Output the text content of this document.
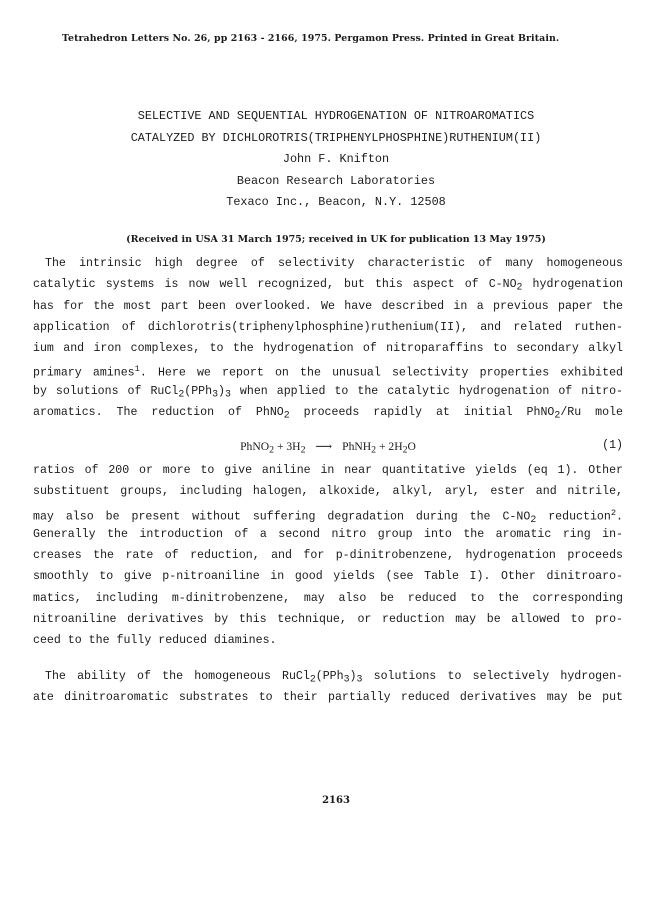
Tetrahedron Letters No. 26, pp 2163 - 2166, 1975. Pergamon Press. Printed in Great Britain.
SELECTIVE AND SEQUENTIAL HYDROGENATION OF NITROAROMATICS
CATALYZED BY DICHLOROTRIS(TRIPHENYLPHOSPHINE)RUTHENIUM(II)
John F. Knifton
Beacon Research Laboratories
Texaco Inc., Beacon, N.Y. 12508
(Received in USA 31 March 1975; received in UK for publication 13 May 1975)
The intrinsic high degree of selectivity characteristic of many homogeneous
catalytic systems is now well recognized, but this aspect of $C-NO_2$ hydrogenation
has for the most part been overlooked. We have described in a previous paper the
application of dichlorotris(triphenylphosphine)ruthenium(II), and related ruthen-
ium and iron complexes, to the hydrogenation of nitroparaffins to secondary alkyl
primary amines$^1$. Here we report on the unusual selectivity properties exhibited
by solutions of $RuCl_2(PPh_3)_3$ when applied to the catalytic hydrogenation of nitro-
aromatics. The reduction of PhNO$_2$ proceeds rapidly at initial PhNO$_2$/Ru mole
PhNO$_2$ + $3H_2$ ⟶ PhNH$_2$ + $2H_2O$	(1)
ratios of 200 or more to give aniline in near quantitative yields (eq 1). Other
substituent groups, including halogen, alkoxide, alkyl, aryl, ester and nitrile,
may also be present without suffering degradation during the $C-NO_2$ reduction$^2$.
Generally the introduction of a second nitro group into the aromatic ring in-
creases the rate of reduction, and for p-dinitrobenzene, hydrogenation proceeds
smoothly to give p-nitroaniline in good yields (see Table I). Other dinitroaro-
matics, including m-dinitrobenzene, may also be reduced to the corresponding
nitroaniline derivatives by this technique, or reduction may be allowed to pro-
ceed to the fully reduced diamines.
The ability of the homogeneous $RuCl_2(PPh_3)_3$ solutions to selectively hydrogen-
ate dinitroaromatic substrates to their partially reduced derivatives may be put
2163
